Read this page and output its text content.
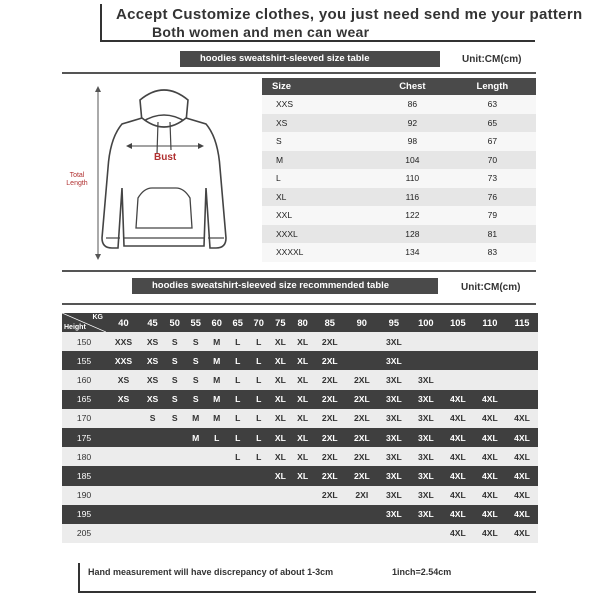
Accept Customize clothes, you just need send me your pattern
Both women and men can wear
hoodies sweatshirt-sleeved size table	Unit:CM(cm)
Total
Length
Bust
Size	Chest	Length
XXS	86	63
XS	92	65
S	98	67
M	104	70
L	110	73
XL	116	76
XXL	122	79
XXXL	128	81
XXXXL	134	83
hoodies sweatshirt-sleeved size recommended table	Unit:CM(cm)
KG
Height	40	45	50	55	60	65	70	75	80	85	90	95	100	105	110	115
150	XXS	XS	S	S	M	L	L	XL	XL	2XL		3XL				
155	XXS	XS	S	S	M	L	L	XL	XL	2XL		3XL				
160	XS	XS	S	S	M	L	L	XL	XL	2XL	2XL	3XL	3XL			
165	XS	XS	S	S	M	L	L	XL	XL	2XL	2XL	3XL	3XL	4XL	4XL	
170		S	S	M	M	L	L	XL	XL	2XL	2XL	3XL	3XL	4XL	4XL	4XL
175				M	L	L	L	XL	XL	2XL	2XL	3XL	3XL	4XL	4XL	4XL
180						L	L	XL	XL	2XL	2XL	3XL	3XL	4XL	4XL	4XL
185								XL	XL	2XL	2XL	3XL	3XL	4XL	4XL	4XL
190										2XL	2XI	3XL	3XL	4XL	4XL	4XL
195												3XL	3XL	4XL	4XL	4XL
205														4XL	4XL	4XL
Hand measurement will have discrepancy of about 1-3cm	1inch=2.54cm
